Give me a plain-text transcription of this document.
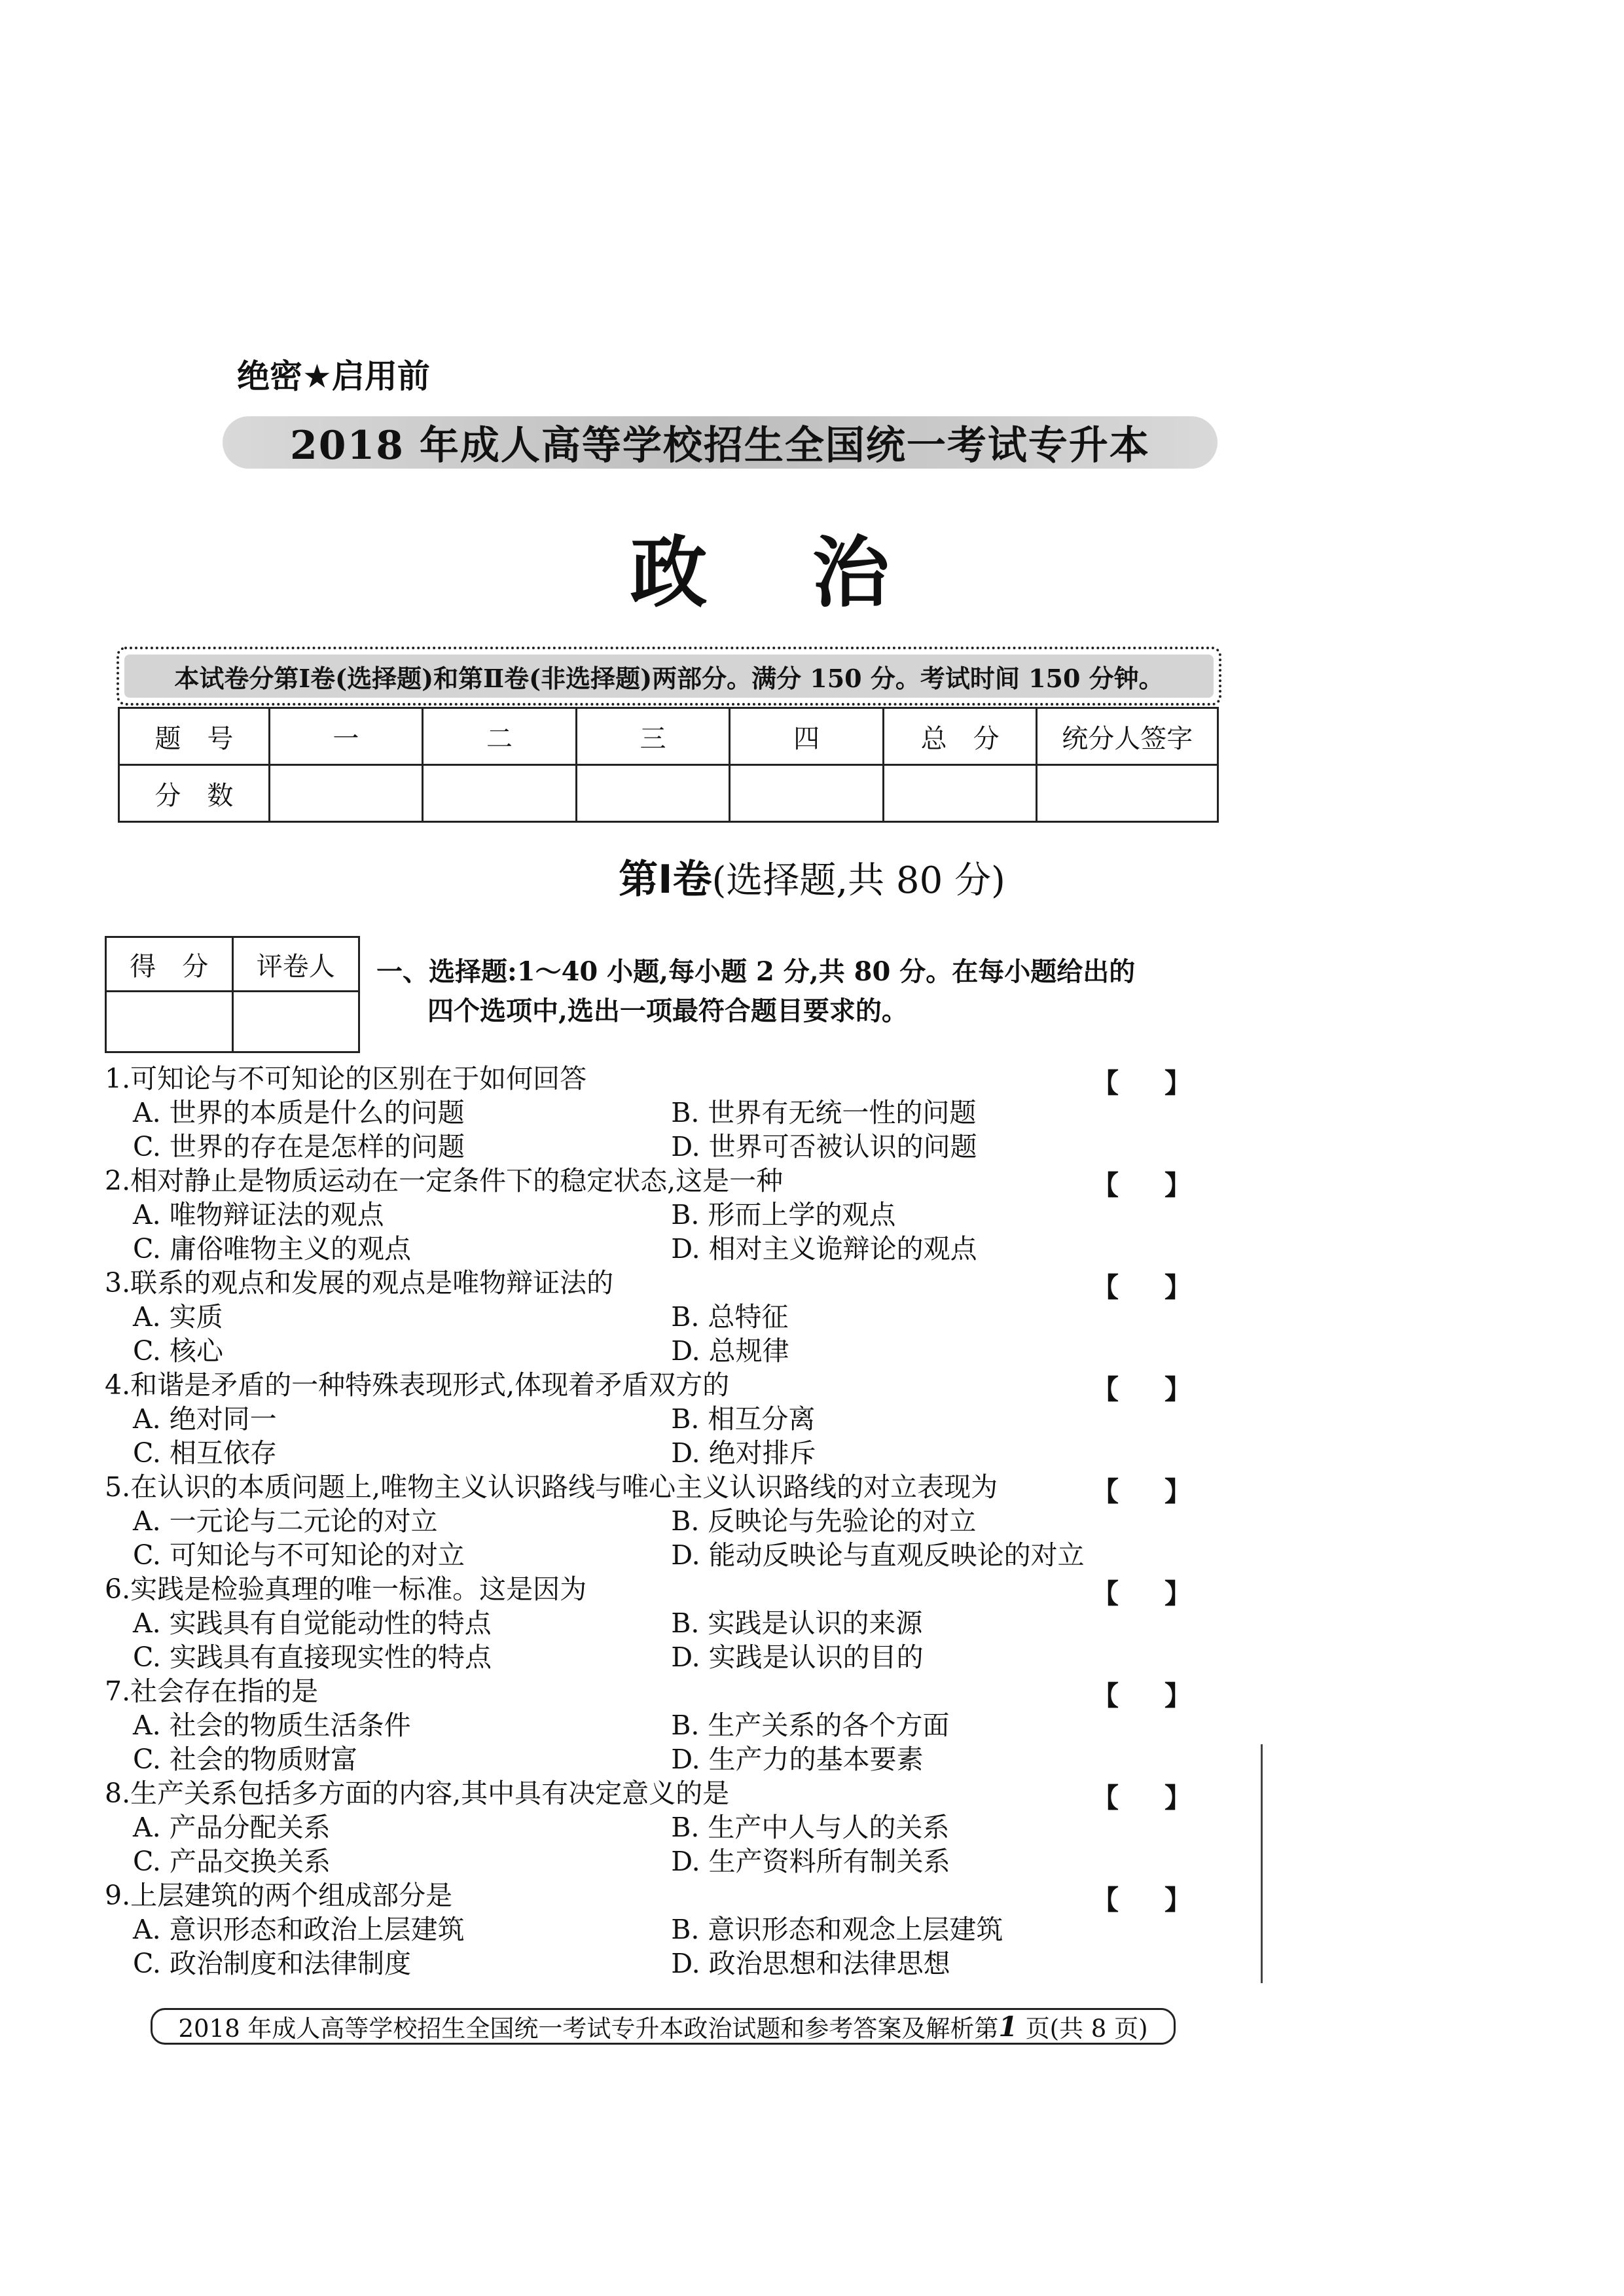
绝密★启用前
2018 年成人高等学校招生全国统一考试专升本
政治
本试卷分第Ⅰ卷(选择题)和第Ⅱ卷(非选择题)两部分。满分 150 分。考试时间 150 分钟。
题　号	一	二	三	四	总　分	统分人签字
分　数						
第Ⅰ卷(选择题,共 80 分)
得　分	评卷人
	一、选择题:1～40 小题,每小题 2 分,共 80 分。在每小题给出的
四个选项中,选出一项最符合题目要求的。
1.可知论与不可知论的区别在于如何回答	【】
A. 世界的本质是什么的问题	B. 世界有无统一性的问题
C. 世界的存在是怎样的问题	D. 世界可否被认识的问题
2.相对静止是物质运动在一定条件下的稳定状态,这是一种	【】
A. 唯物辩证法的观点	B. 形而上学的观点
C. 庸俗唯物主义的观点	D. 相对主义诡辩论的观点
3.联系的观点和发展的观点是唯物辩证法的	【】
A. 实质	B. 总特征
C. 核心	D. 总规律
4.和谐是矛盾的一种特殊表现形式,体现着矛盾双方的	【】
A. 绝对同一	B. 相互分离
C. 相互依存	D. 绝对排斥
5.在认识的本质问题上,唯物主义认识路线与唯心主义认识路线的对立表现为	【】
A. 一元论与二元论的对立	B. 反映论与先验论的对立
C. 可知论与不可知论的对立	D. 能动反映论与直观反映论的对立
6.实践是检验真理的唯一标准。这是因为	【】
A. 实践具有自觉能动性的特点	B. 实践是认识的来源
C. 实践具有直接现实性的特点	D. 实践是认识的目的
7.社会存在指的是	【】
A. 社会的物质生活条件	B. 生产关系的各个方面
C. 社会的物质财富	D. 生产力的基本要素
8.生产关系包括多方面的内容,其中具有决定意义的是	【】
A. 产品分配关系	B. 生产中人与人的关系
C. 产品交换关系	D. 生产资料所有制关系
9.上层建筑的两个组成部分是	【】
A. 意识形态和政治上层建筑	B. 意识形态和观念上层建筑
C. 政治制度和法律制度	D. 政治思想和法律思想
2018 年成人高等学校招生全国统一考试专升本政治试题和参考答案及解析 第 1 页 (共 8 页)
